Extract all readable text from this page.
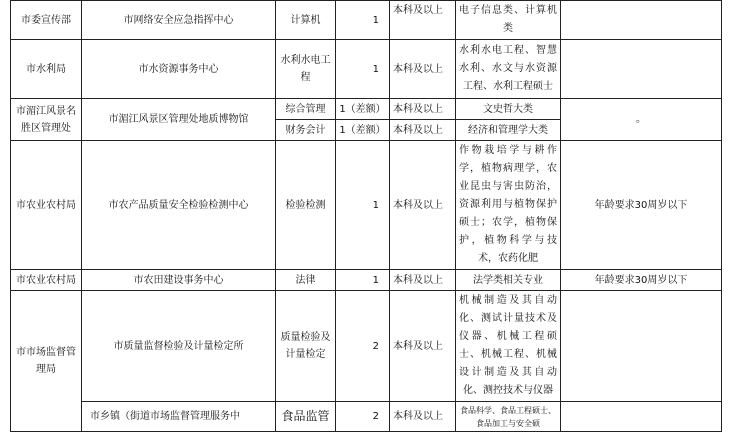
市委宣传部	市网络安全应急指挥中心	计算机	1	本科及以上	电子信息类、计算机类	
市水利局	市水资源事务中心	水利水电工程	1	本科及以上	水利水电工程、智慧水利、水文与水资源工程、水利工程硕士	
市湄江风景名胜区管理处	市湄江风景区管理处地质博物馆	综合管理	1（差额）	本科及以上	文史哲大类	。
		财务会计	1（差额）	本科及以上	经济和管理学大类	
市农业农村局	市农产品质量安全检验检测中心	检验检测	1	本科及以上	作物栽培学与耕作学，植物病理学，农业昆虫与害虫防治，资源利用与植物保护硕士；农学，植物保护，植物科学与技术，农药化肥	年龄要求30周岁以下
市农业农村局	市农田建设事务中心	法律	1	本科及以上	法学类相关专业	年龄要求30周岁以下
市市场监督管理局	市质量监督检验及计量检定所	质量检验及计量检定	2	本科及以上	机械制造及其自动化、测试计量技术及仪器、机械工程硕士、机械工程、机械设计制造及其自动化、测控技术与仪器	
	市乡镇（街道市场监督管理服务中	食品监管	2	本科及以上	食品科学、食品工程硕士、食品加工与安全硕	
